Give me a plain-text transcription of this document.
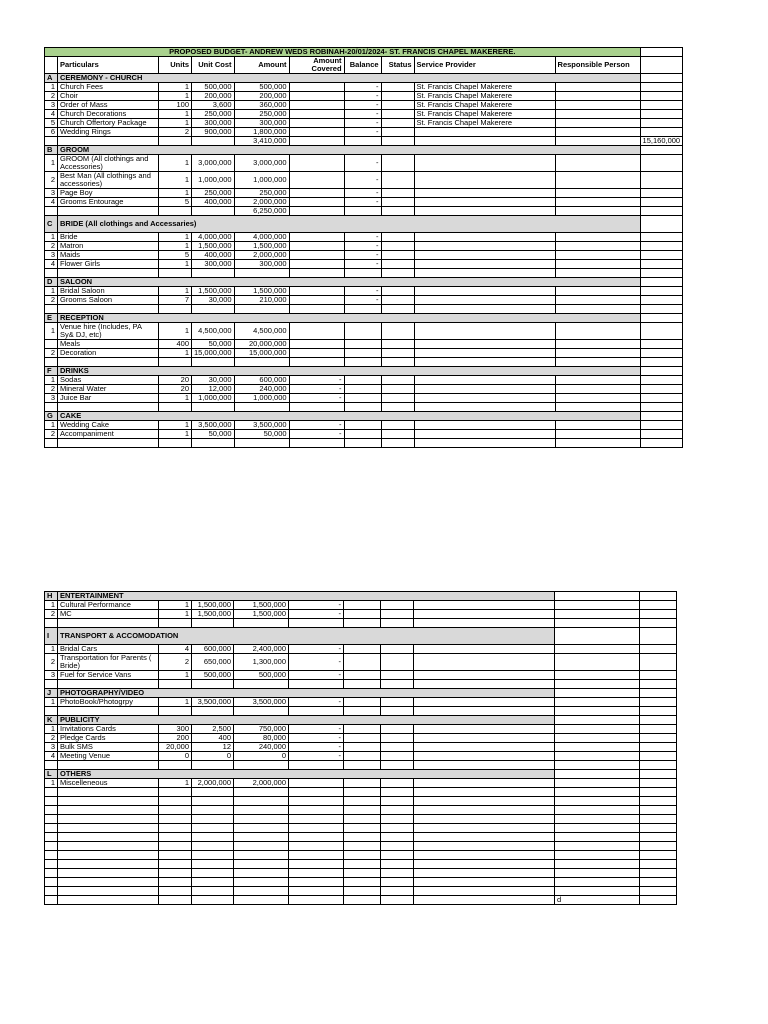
PROPOSED BUDGET- ANDREW WEDS ROBINAH-20/01/2024- ST. FRANCIS CHAPEL MAKERERE.										
	Particulars	Units	Unit Cost	Amount	Amount Covered	Balance	Status	Service Provider	Responsible Person	
A	CEREMONY - CHURCH									
1	Church Fees	1	500,000	500,000		-		St. Francis Chapel Makerere		
2	Choir	1	200,000	200,000		-		St. Francis Chapel Makerere		
3	Order of Mass	100	3,600	360,000		-		St. Francis Chapel Makerere		
4	Church Decorations	1	250,000	250,000		-		St. Francis Chapel Makerere		
5	Church Offertory Package	1	300,000	300,000		-		St. Francis Chapel Makerere		
6	Wedding Rings	2	900,000	1,800,000		-				
				3,410,000						15,160,000
B	GROOM									
1	GROOM (All clothings and Accessories)	1	3,000,000	3,000,000		-				
2	Best Man (All clothings and accessories)	1	1,000,000	1,000,000		-				
3	Page Boy	1	250,000	250,000		-				
4	Grooms Entourage	5	400,000	2,000,000		-				
				6,250,000						
C	BRIDE (All clothings and Accessaries)									
1	Bride	1	4,000,000	4,000,000		-				
2	Matron	1	1,500,000	1,500,000		-				
3	Maids	5	400,000	2,000,000		-				
4	Flower Girls	1	300,000	300,000		-				

D	SALOON									
1	Bridal Saloon	1	1,500,000	1,500,000		-				
2	Grooms Saloon	7	30,000	210,000		-				

E	RECEPTION									
1	Venue hire (Includes, PA Sy& DJ, etc)	1	4,500,000	4,500,000						
	Meals	400	50,000	20,000,000						
2	Decoration	1	15,000,000	15,000,000						

F	DRINKS									
1	Sodas	20	30,000	600,000	-					
2	Mineral Water	20	12,000	240,000	-					
3	Juice Bar	1	1,000,000	1,000,000	-					

G	CAKE									
1	Wedding Cake	1	3,500,000	3,500,000	-					
2	Accompaniment	1	50,000	50,000	-					

H	ENTERTAINMENT									
1	Cultural Performance	1	1,500,000	1,500,000	-					
2	MC	1	1,500,000	1,500,000	-					

I	TRANSPORT & ACCOMODATION									
1	Bridal Cars	4	600,000	2,400,000	-					
2	Transportation for Parents ( Bride)	2	650,000	1,300,000	-					
3	Fuel for Service Vans	1	500,000	500,000	-					

J	PHOTOGRAPHY/VIDEO									
1	PhotoBook/Photogrpy	1	3,500,000	3,500,000	-					

K	PUBLICITY									
1	Invitations Cards	300	2,500	750,000	-					
2	Pledge Cards	200	400	80,000	-					
3	Bulk SMS	20,000	12	240,000	-					
4	Meeting Venue	0	0	0	-					

L	OTHERS									
1	Miscelleneous	1	2,000,000	2,000,000						

									d	
